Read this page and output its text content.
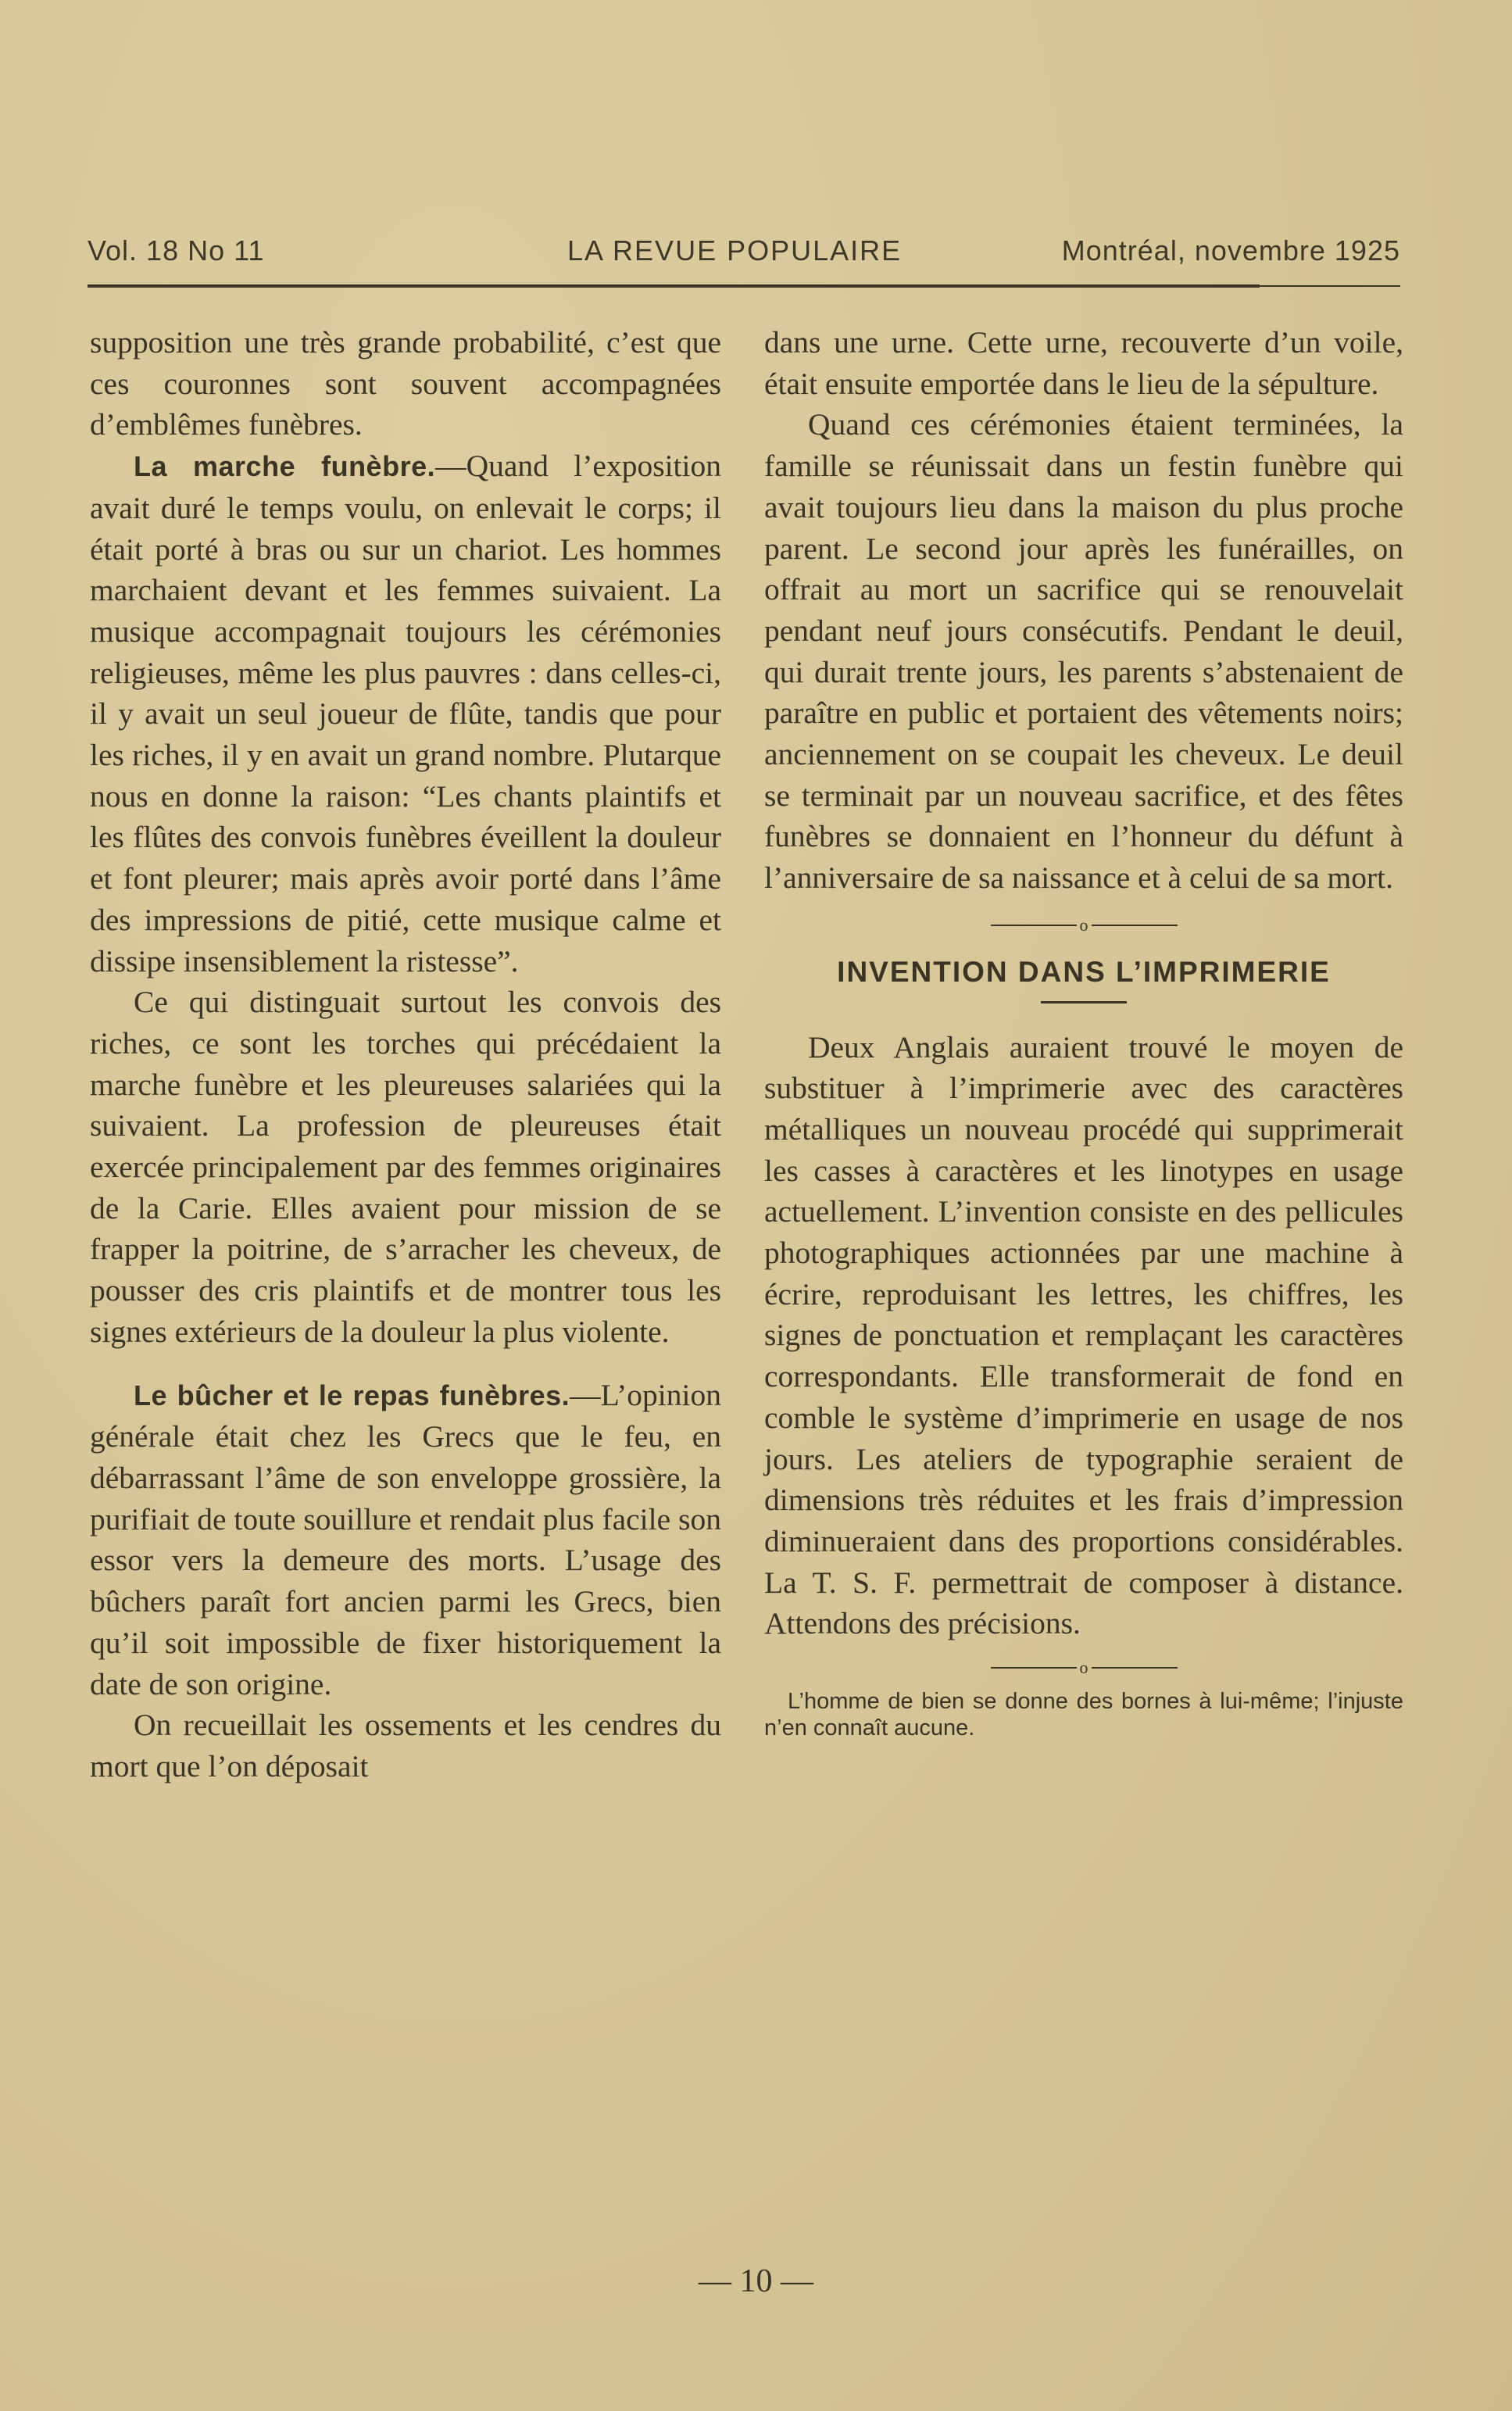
Vol. 18 No 11	LA REVUE POPULAIRE	Montréal, novembre 1925

supposition une très grande probabilité, c’est que ces couronnes sont souvent accompagnées d’emblêmes funèbres.

La marche funèbre.—Quand l’exposition avait duré le temps voulu, on enlevait le corps; il était porté à bras ou sur un chariot. Les hommes marchaient devant et les femmes suivaient. La musique accompagnait toujours les cérémonies religieuses, même les plus pauvres : dans celles-ci, il y avait un seul joueur de flûte, tandis que pour les riches, il y en avait un grand nombre. Plutarque nous en donne la raison: “Les chants plaintifs et les flûtes des convois funèbres éveillent la douleur et font pleurer; mais après avoir porté dans l’âme des impressions de pitié, cette musique calme et dissipe insensiblement la ristesse”.

Ce qui distinguait surtout les convois des riches, ce sont les torches qui précédaient la marche funèbre et les pleureuses salariées qui la suivaient. La profession de pleureuses était exercée principalement par des femmes originaires de la Carie. Elles avaient pour mission de se frapper la poitrine, de s’arracher les cheveux, de pousser des cris plaintifs et de montrer tous les signes extérieurs de la douleur la plus violente.

Le bûcher et le repas funèbres.—L’opinion générale était chez les Grecs que le feu, en débarrassant l’âme de son enveloppe grossière, la purifiait de toute souillure et rendait plus facile son essor vers la demeure des morts. L’usage des bûchers paraît fort ancien parmi les Grecs, bien qu’il soit impossible de fixer historiquement la date de son origine.

On recueillait les ossements et les cendres du mort que l’on déposait

dans une urne. Cette urne, recouverte d’un voile, était ensuite emportée dans le lieu de la sépulture.

Quand ces cérémonies étaient terminées, la famille se réunissait dans un festin funèbre qui avait toujours lieu dans la maison du plus proche parent. Le second jour après les funérailles, on offrait au mort un sacrifice qui se renouvelait pendant neuf jours consécutifs. Pendant le deuil, qui durait trente jours, les parents s’abstenaient de paraître en public et portaient des vêtements noirs; anciennement on se coupait les cheveux. Le deuil se terminait par un nouveau sacrifice, et des fêtes funèbres se donnaient en l’honneur du défunt à l’anniversaire de sa naissance et à celui de sa mort.

o
INVENTION DANS L’IMPRIMERIE

Deux Anglais auraient trouvé le moyen de substituer à l’imprimerie avec des caractères métalliques un nouveau procédé qui supprimerait les casses à caractères et les linotypes en usage actuellement. L’invention consiste en des pellicules photographiques actionnées par une machine à écrire, reproduisant les lettres, les chiffres, les signes de ponctuation et remplaçant les caractères correspondants. Elle transformerait de fond en comble le système d’imprimerie en usage de nos jours. Les ateliers de typographie seraient de dimensions très réduites et les frais d’impression diminueraient dans des proportions considérables. La T. S. F. permettrait de composer à distance. Attendons des précisions.

o
L’homme de bien se donne des bornes à lui-même; l’injuste n’en connaît aucune.
— 10 —
